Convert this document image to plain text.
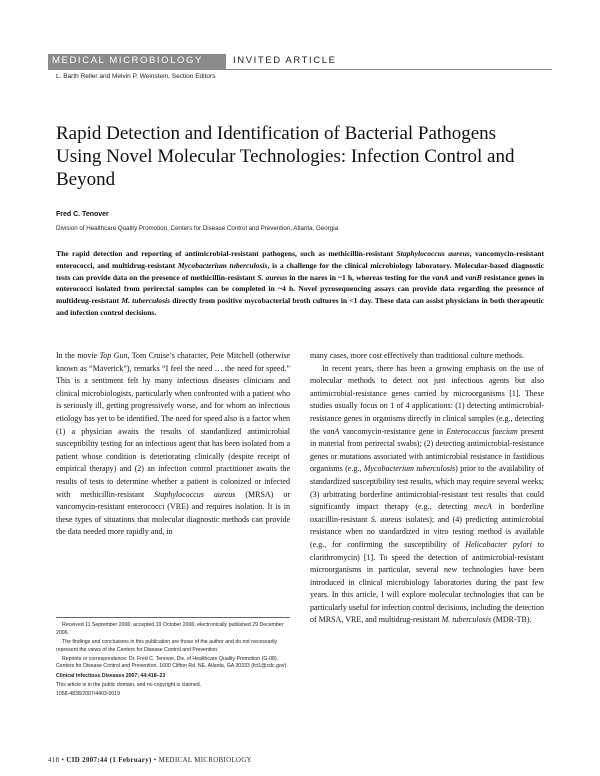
MEDICAL MICROBIOLOGY	INVITED ARTICLE
L. Barth Reller and Melvin P. Weinstein, Section Editors
Rapid Detection and Identification of Bacterial Pathogens Using Novel Molecular Technologies: Infection Control and Beyond
Fred C. Tenover
Division of Healthcare Quality Promotion, Centers for Disease Control and Prevention, Atlanta, Georgia
The rapid detection and reporting of antimicrobial-resistant pathogens, such as methicillin-resistant Staphylococcus aureus, vancomycin-resistant enterococci, and multidrug-resistant Mycobacterium tuberculosis, is a challenge for the clinical microbiology laboratory. Molecular-based diagnostic tests can provide data on the presence of methicillin-resistant S. aureus in the nares in ~1 h, whereas testing for the vanA and vanB resistance genes in enterococci isolated from perirectal samples can be completed in ~4 h. Novel pyrosequencing assays can provide data regarding the presence of multidrug-resistant M. tuberculosis directly from positive mycobacterial broth cultures in <1 day. These data can assist physicians in both therapeutic and infection control decisions.

In the movie Top Gun, Tom Cruise’s character, Pete Mitchell (otherwise known as “Maverick”), remarks “I feel the need … the need for speed.” This is a sentiment felt by many infectious diseases clinicians and clinical microbiologists, particularly when confronted with a patient who is seriously ill, getting progressively worse, and for whom an infectious etiology has yet to be identified. The need for speed also is a factor when (1) a physician awaits the results of standardized antimicrobial susceptibility testing for an infectious agent that has been isolated from a patient whose condition is deteriorating clinically (despite receipt of empirical therapy) and (2) an infection control practitioner awaits the results of tests to determine whether a patient is colonized or infected with methicillin-resistant Staphylococcus aureus (MRSA) or vancomycin-resistant enterococci (VRE) and requires isolation. It is in these types of situations that molecular diagnostic methods can provide the data needed more rapidly and, in

many cases, more cost effectively than traditional culture methods.

In recent years, there has been a growing emphasis on the use of molecular methods to detect not just infectious agents but also antimicrobial-resistance genes carried by microorganisms [1]. These studies usually focus on 1 of 4 applications: (1) detecting antimicrobial-resistance genes in organisms directly in clinical samples (e.g., detecting the vanA vancomycin-resistance gene in Enterococcus faecium present in material from perirectal swabs); (2) detecting antimicrobial-resistance genes or mutations associated with antimicrobial resistance in fastidious organisms (e.g., Mycobacterium tuberculosis) prior to the availability of standardized susceptibility test results, which may require several weeks; (3) arbitrating borderline antimicrobial-resistant test results that could significantly impact therapy (e.g., detecting mecA in borderline oxacillin-resistant S. aureus isolates); and (4) predicting antimicrobial resistance when no standardized in vitro testing method is available (e.g., for confirming the susceptibility of Helicobacter pylori to clarithromycin) [1]. To speed the detection of antimicrobial-resistant microorganisms in particular, several new technologies have been introduced in clinical microbiology laboratories during the past few years. In this article, I will explore molecular technologies that can be particularly useful for infection control decisions, including the detection of MRSA, VRE, and multidrug-resistant M. tuberculosis (MDR-TB).

Received 11 September 2006; accepted 19 October 2006; electronically published 29 December 2006.

The findings and conclusions in this publication are those of the author and do not necessarily represent the views of the Centers for Disease Control and Prevention.

Reprints or correspondence: Dr. Fred C. Tenover, Div. of Healthcare Quality Promotion (G-08), Centers for Disease Control and Prevention, 1600 Clifton Rd. NE, Atlanta, GA 30333 (fct1@cdc.gov).

Clinical Infectious Diseases 2007; 44:418–23

This article is in the public domain, and no copyright is claimed.

1058-4838/2007/4403-0019

418 • CID 2007:44 (1 February) • MEDICAL MICROBIOLOGY
